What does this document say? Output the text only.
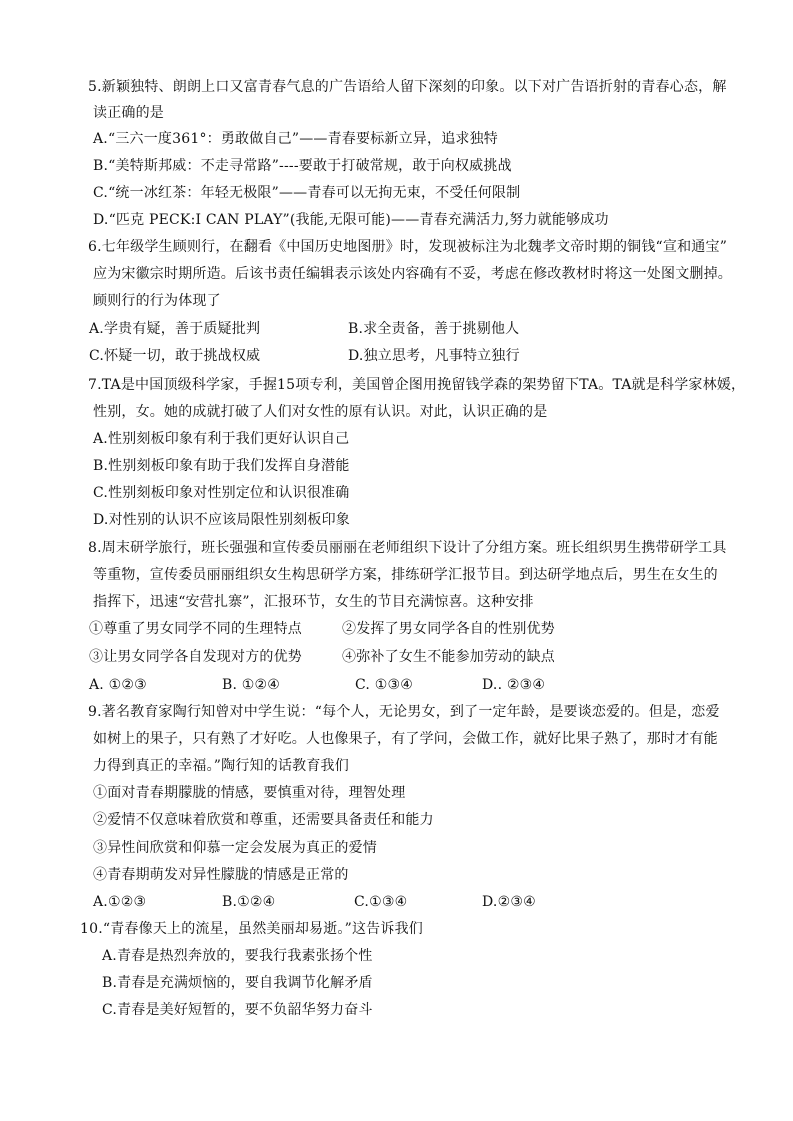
5.新颖独特、朗朗上口又富青春气息的广告语给人留下深刻的印象。以下对广告语折射的青春心态，解
读正确的是
A.“三六一度361°：勇敢做自己”——青春要标新立异，追求独特
B.“美特斯邦威：不走寻常路”----要敢于打破常规，敢于向权威挑战
C.“统一冰红茶：年轻无极限”——青春可以无拘无束，不受任何限制
D.“匹克 PECK:I CAN PLAY”(我能,无限可能)——青春充满活力,努力就能够成功
6.七年级学生顾则行，在翻看《中国历史地图册》时，发现被标注为北魏孝文帝时期的铜钱“宣和通宝”
应为宋徽宗时期所造。后该书责任编辑表示该处内容确有不妥，考虑在修改教材时将这一处图文删掉。
顾则行的行为体现了
A.学贵有疑，善于质疑批判	B.求全责备，善于挑剔他人
C.怀疑一切，敢于挑战权威	D.独立思考，凡事特立独行
7.TA是中国顶级科学家，手握15项专利，美国曾企图用挽留钱学森的架势留下TA。TA就是科学家林媛，
性别，女。她的成就打破了人们对女性的原有认识。对此，认识正确的是
A.性别刻板印象有利于我们更好认识自己
B.性别刻板印象有助于我们发挥自身潜能
C.性别刻板印象对性别定位和认识很准确
D.对性别的认识不应该局限性别刻板印象
8.周末研学旅行，班长强强和宣传委员丽丽在老师组织下设计了分组方案。班长组织男生携带研学工具
等重物，宣传委员丽丽组织女生构思研学方案，排练研学汇报节目。到达研学地点后，男生在女生的
指挥下，迅速“安营扎寨”，汇报环节，女生的节目充满惊喜。这种安排
①尊重了男女同学不同的生理特点	②发挥了男女同学各自的性别优势
③让男女同学各自发现对方的优势	④弥补了女生不能参加劳动的缺点
A. ①②③	B. ①②④	C. ①③④	D.. ②③④
9.著名教育家陶行知曾对中学生说：“每个人，无论男女，到了一定年龄，是要谈恋爱的。但是，恋爱
如树上的果子，只有熟了才好吃。人也像果子，有了学问，会做工作，就好比果子熟了，那时才有能
力得到真正的幸福。”陶行知的话教育我们
①面对青春期朦胧的情感，要慎重对待，理智处理
②爱情不仅意味着欣赏和尊重，还需要具备责任和能力
③异性间欣赏和仰慕一定会发展为真正的爱情
④青春期萌发对异性朦胧的情感是正常的
A.①②③	B.①②④	C.①③④	D.②③④
10.“青春像天上的流星，虽然美丽却易逝。”这告诉我们
A.青春是热烈奔放的，要我行我素张扬个性
B.青春是充满烦恼的，要自我调节化解矛盾
C.青春是美好短暂的，要不负韶华努力奋斗
